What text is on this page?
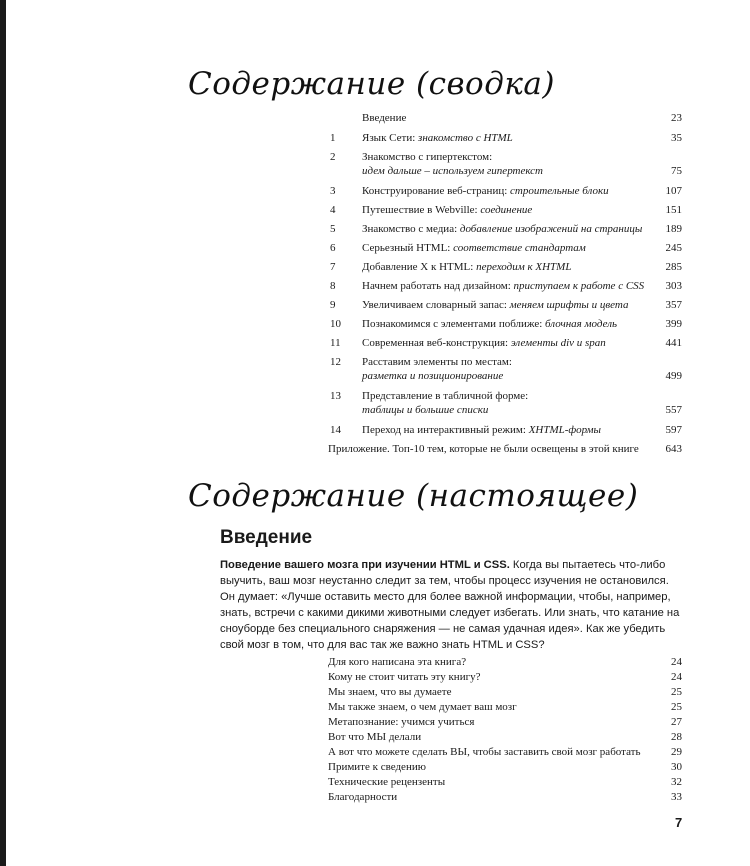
Содержание (сводка)
Введение	23
1 Язык Сети: знакомство с HTML	35
2 Знакомство с гипертекстом:
идем дальше – используем гипертекст	75
3 Конструирование веб-страниц: строительные блоки	107
4 Путешествие в Webville: соединение	151
5 Знакомство с медиа: добавление изображений на страницы	189
6 Серьезный HTML: соответствие стандартам	245
7 Добавление X к HTML: переходим к XHTML	285
8 Начнем работать над дизайном: приступаем к работе с CSS	303
9 Увеличиваем словарный запас: меняем шрифты и цвета	357
10 Познакомимся с элементами поближе: блочная модель	399
11 Современная веб-конструкция: элементы div и span	441
12 Расставим элементы по местам:
разметка и позиционирование	499
13 Представление в табличной форме:
таблицы и большие списки	557
14 Переход на интерактивный режим: XHTML-формы	597
Приложение. Топ-10 тем, которые не были освещены в этой книге	643
Содержание (настоящее)
Введение
Поведение вашего мозга при изучении HTML и CSS. Когда вы пытаетесь что-либо выучить, ваш мозг неустанно следит за тем, чтобы процесс изучения не остановился. Он думает: «Лучше оставить место для более важной информации, чтобы, например, знать, встречи с какими дикими животными следует избегать. Или знать, что катание на сноуборде без специального снаряжения — не самая удачная идея». Как же убедить свой мозг в том, что для вас так же важно знать HTML и CSS?
Для кого написана эта книга?	24
Кому не стоит читать эту книгу?	24
Мы знаем, что вы думаете	25
Мы также знаем, о чем думает ваш мозг	25
Метапознание: учимся учиться	27
Вот что МЫ делали	28
А вот что можете сделать ВЫ, чтобы заставить свой мозг работать	29
Примите к сведению	30
Технические рецензенты	32
Благодарности	33
7
